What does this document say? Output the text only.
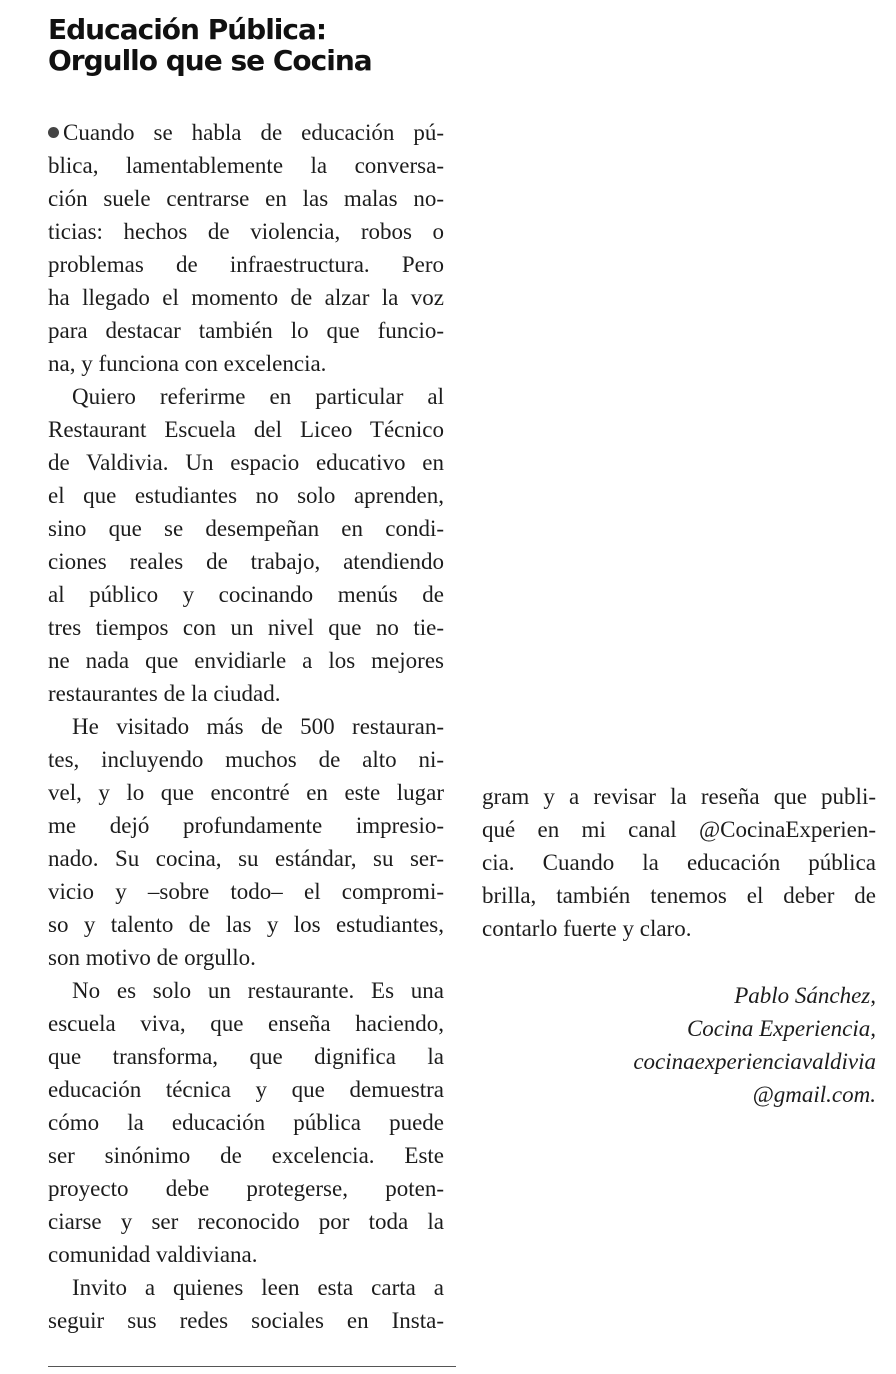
Educación Pública:
Orgullo que se Cocina
Cuando se habla de educación pú-
blica, lamentablemente la conversa-
ción suele centrarse en las malas no-
ticias: hechos de violencia, robos o
problemas de infraestructura. Pero
ha llegado el momento de alzar la voz
para destacar también lo que funcio-
na, y funciona con excelencia.
Quiero referirme en particular al
Restaurant Escuela del Liceo Técnico
de Valdivia. Un espacio educativo en
el que estudiantes no solo aprenden,
sino que se desempeñan en condi-
ciones reales de trabajo, atendiendo
al público y cocinando menús de
tres tiempos con un nivel que no tie-
ne nada que envidiarle a los mejores
restaurantes de la ciudad.
He visitado más de 500 restauran-
tes, incluyendo muchos de alto ni-
vel, y lo que encontré en este lugar
me dejó profundamente impresio-
nado. Su cocina, su estándar, su ser-
vicio y –sobre todo– el compromi-
so y talento de las y los estudiantes,
son motivo de orgullo.
No es solo un restaurante. Es una
escuela viva, que enseña haciendo,
que transforma, que dignifica la
educación técnica y que demuestra
cómo la educación pública puede
ser sinónimo de excelencia. Este
proyecto debe protegerse, poten-
ciarse y ser reconocido por toda la
comunidad valdiviana.
Invito a quienes leen esta carta a
seguir sus redes sociales en Insta-
gram y a revisar la reseña que publi-
qué en mi canal @CocinaExperien-
cia. Cuando la educación pública
brilla, también tenemos el deber de
contarlo fuerte y claro.
Pablo Sánchez,
Cocina Experiencia,
cocinaexperienciavaldivia
@gmail.com.
